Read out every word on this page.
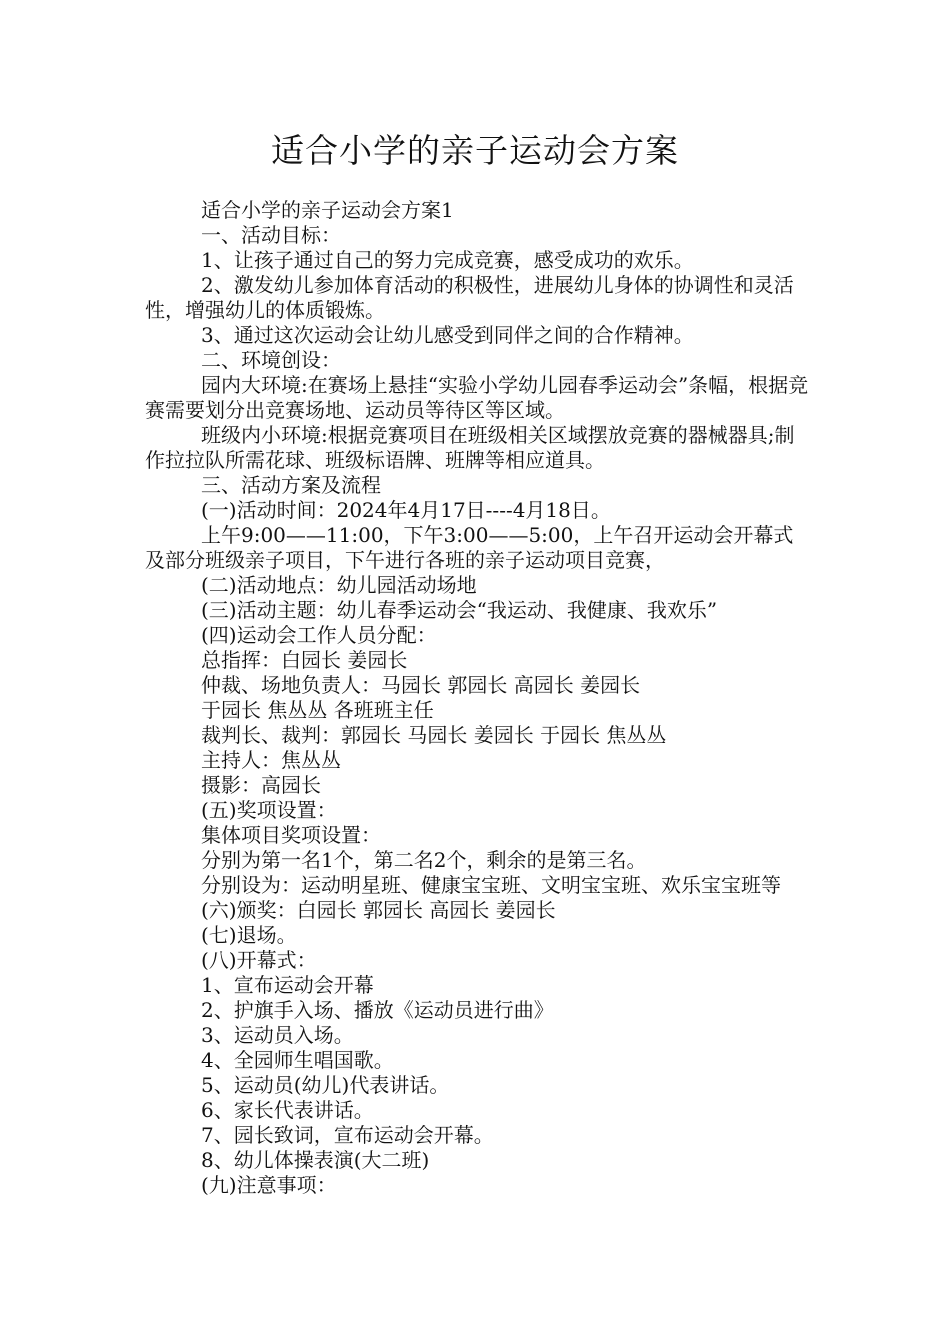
适合小学的亲子运动会方案

适合小学的亲子运动会方案1

一、活动目标：

1、让孩子通过自己的努力完成竞赛，感受成功的欢乐。

2、激发幼儿参加体育活动的积极性，进展幼儿身体的协调性和灵活性，增强幼儿的体质锻炼。

3、通过这次运动会让幼儿感受到同伴之间的合作精神。

二、环境创设：

园内大环境:在赛场上悬挂“实验小学幼儿园春季运动会”条幅，根据竞赛需要划分出竞赛场地、运动员等待区等区域。

班级内小环境:根据竞赛项目在班级相关区域摆放竞赛的器械器具;制作拉拉队所需花球、班级标语牌、班牌等相应道具。

三、活动方案及流程

(一)活动时间：2024年4月17日----4月18日。

上午9:00——11:00，下午3:00——5:00，上午召开运动会开幕式及部分班级亲子项目，下午进行各班的亲子运动项目竞赛，

(二)活动地点：幼儿园活动场地

(三)活动主题：幼儿春季运动会“我运动、我健康、我欢乐”

(四)运动会工作人员分配：

总指挥：白园长 姜园长

仲裁、场地负责人：马园长 郭园长 高园长 姜园长

于园长 焦丛丛 各班班主任

裁判长、裁判：郭园长 马园长 姜园长 于园长 焦丛丛

主持人：焦丛丛

摄影：高园长

(五)奖项设置：

集体项目奖项设置：

分别为第一名1个，第二名2个，剩余的是第三名。

分别设为：运动明星班、健康宝宝班、文明宝宝班、欢乐宝宝班等

(六)颁奖：白园长 郭园长 高园长 姜园长

(七)退场。

(八)开幕式：

1、宣布运动会开幕

2、护旗手入场、播放《运动员进行曲》

3、运动员入场。

4、全园师生唱国歌。

5、运动员(幼儿)代表讲话。

6、家长代表讲话。

7、园长致词，宣布运动会开幕。

8、幼儿体操表演(大二班)

(九)注意事项：
